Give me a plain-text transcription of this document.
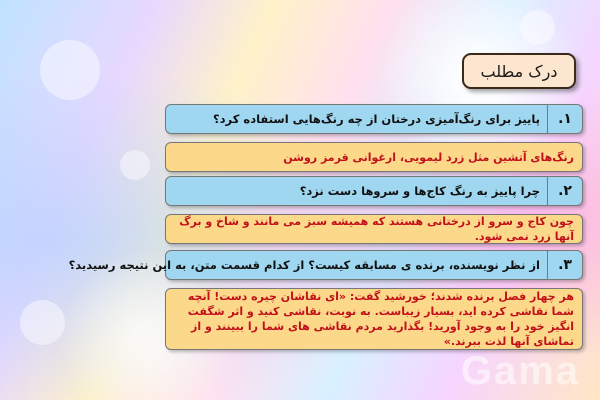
درک مطلب
۱.
پاییز برای رنگ‌آمیزی درختان از چه رنگ‌هایی استفاده کرد؟
رنگ‌های آتشین مثل زرد لیمویی، ارغوانی قرمز روشن
۲.
چرا پاییز به رنگ کاج‌ها و سروها دست نزد؟
چون کاج و سرو از درختانی هستند که همیشه سبز می مانند و شاخ و برگ آنها زرد نمی شود.
۳.
از نظر نویسنده، برنده ی مسابقه کیست؟ از کدام قسمت متن، به این نتیجه رسیدید؟
هر چهار فصل برنده شدند؛ خورشید گفت: «ای نقاشان چیره دست! آنچه شما نقاشی کرده اید، بسیار زیباست. به نوبت، نقاشی کنید و اثر شگفت انگیز خود را به وجود آورید! بگذارید مردم نقاشی های شما را ببینند و از تماشای آنها لذت ببرند.»
Gama
